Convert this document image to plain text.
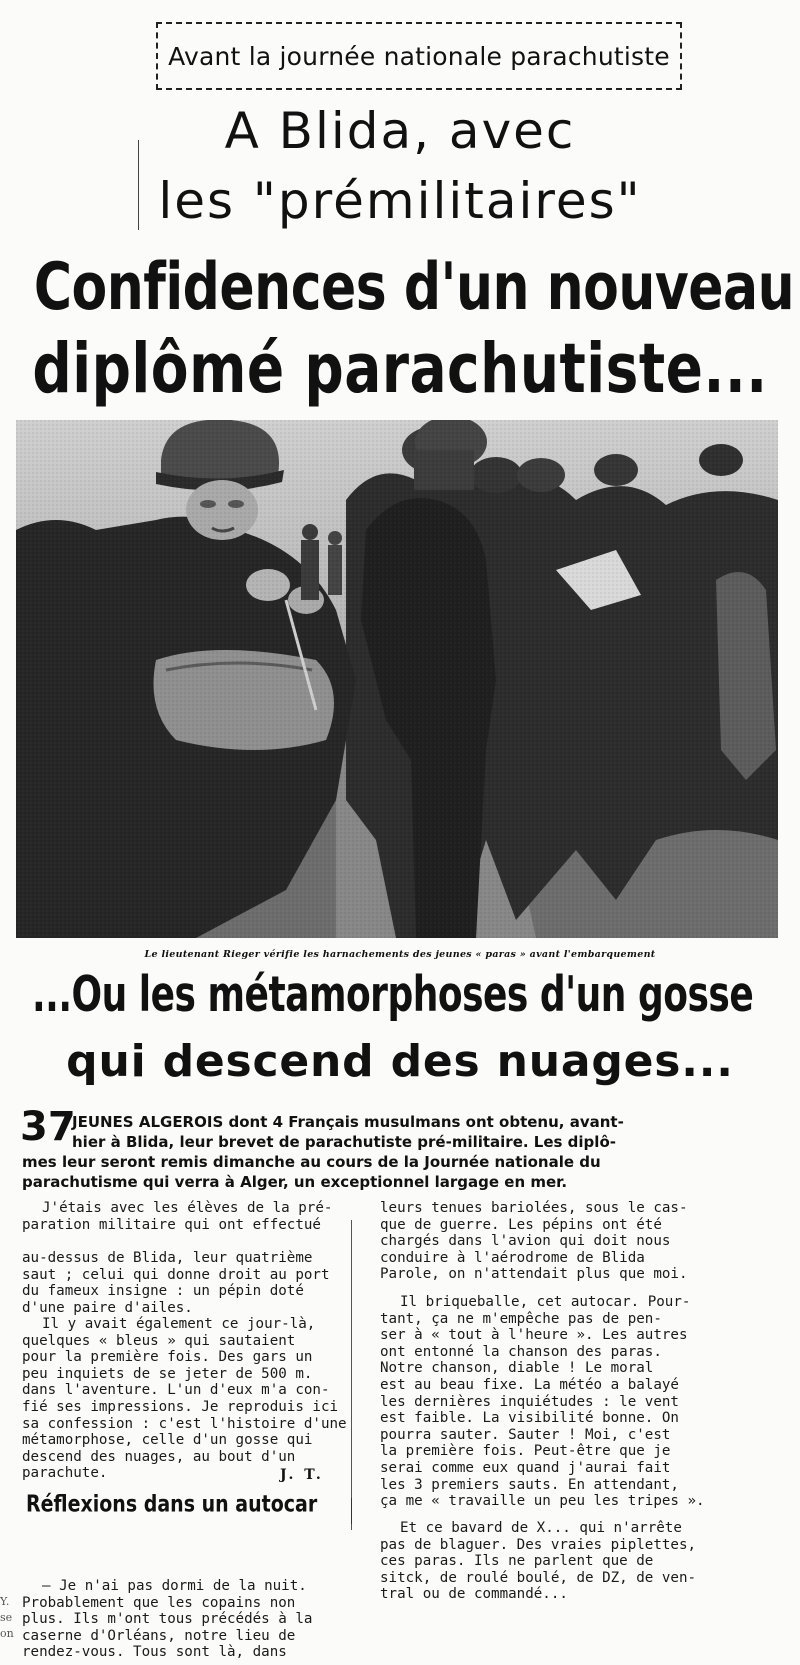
Y.
se
on
Avant la journée nationale parachutiste
A Blida, avec
les "prémilitaires"
Confidences d'un nouveau
diplômé parachutiste...
Le lieutenant Rieger vérifie les harnachements des jeunes « paras » avant l'embarquement
...Ou les métamorphoses d'un gosse
qui descend des nuages...
37
JEUNES ALGEROIS dont 4 Français musulmans ont obtenu, avant-
hier à Blida, leur brevet de parachutiste pré-militaire. Les diplô-
mes leur seront remis dimanche au cours de la Journée nationale du
parachutisme qui verra à Alger, un exceptionnel largage en mer.
J'étais avec les élèves de la pré-
paration militaire qui ont effectué
au-dessus de Blida, leur quatrième
saut ; celui qui donne droit au port
du fameux insigne : un pépin doté
d'une paire d'ailes.
Il y avait également ce jour-là,
quelques « bleus » qui sautaient
pour la première fois. Des gars un
peu inquiets de se jeter de 500 m.
dans l'aventure. L'un d'eux m'a con-
fié ses impressions. Je reproduis ici
sa confession : c'est l'histoire d'une
métamorphose, celle d'un gosse qui
descend des nuages, au bout d'un
parachute.	J. T.
Réflexions dans un autocar
— Je n'ai pas dormi de la nuit.
Probablement que les copains non
plus. Ils m'ont tous précédés à la
caserne d'Orléans, notre lieu de
rendez-vous. Tous sont là, dans
leurs tenues bariolées, sous le cas-
que de guerre. Les pépins ont été
chargés dans l'avion qui doit nous
conduire à l'aérodrome de Blida
Parole, on n'attendait plus que moi.
Il briqueballe, cet autocar. Pour-
tant, ça ne m'empêche pas de pen-
ser à « tout à l'heure ». Les autres
ont entonné la chanson des paras.
Notre chanson, diable ! Le moral
est au beau fixe. La météo a balayé
les dernières inquiétudes : le vent
est faible. La visibilité bonne. On
pourra sauter. Sauter ! Moi, c'est
la première fois. Peut-être que je
serai comme eux quand j'aurai fait
les 3 premiers sauts. En attendant,
ça me « travaille un peu les tripes ».
Et ce bavard de X... qui n'arrête
pas de blaguer. Des vraies piplettes,
ces paras. Ils ne parlent que de
sitck, de roulé boulé, de DZ, de ven-
tral ou de commandé...
